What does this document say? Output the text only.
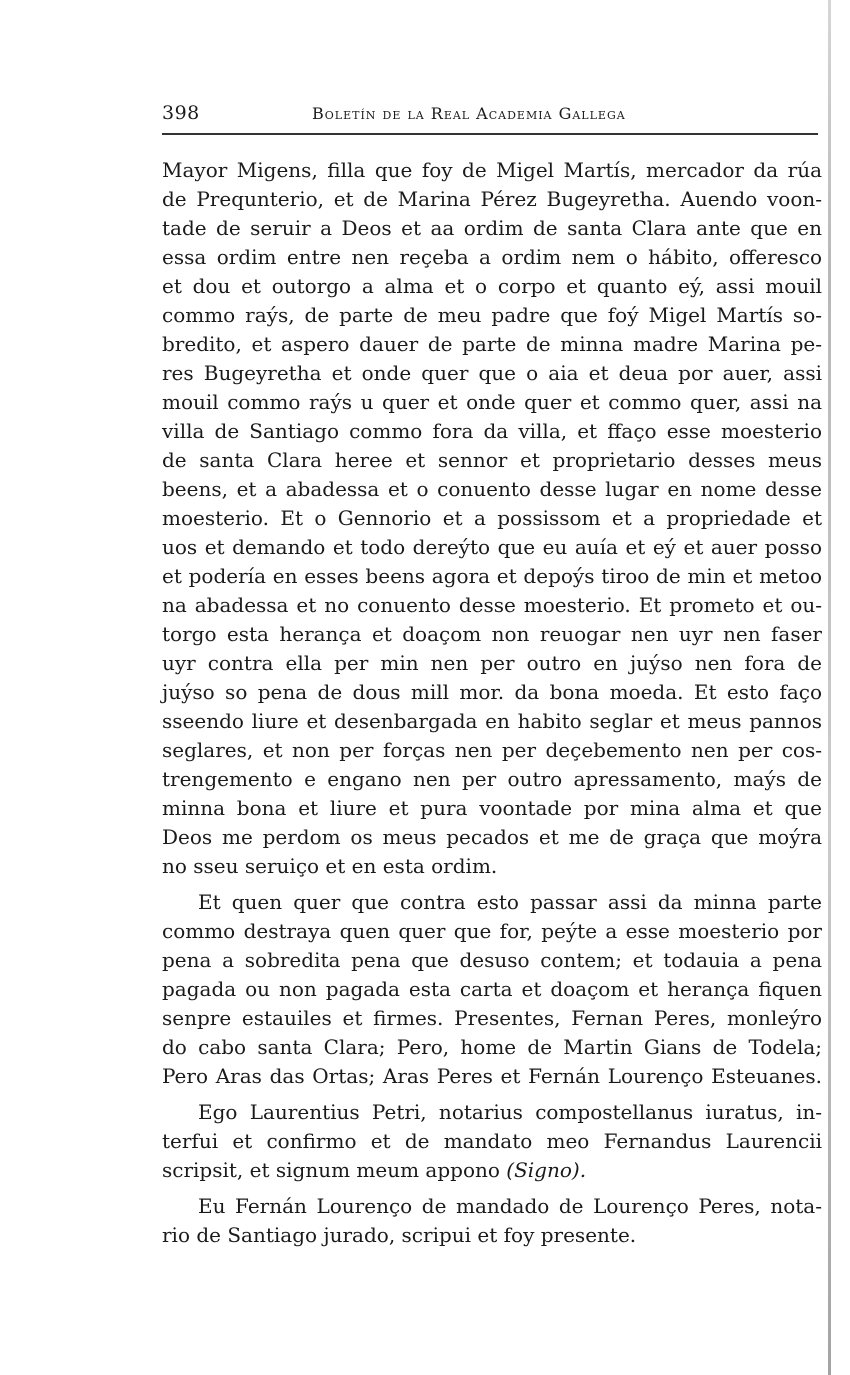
398	Boletín de la Real Academia Gallega
Mayor Migens, filla que foy de Migel Martís, mercador da rúa
de Prequnterio, et de Marina Pérez Bugeyretha. Auendo voon-
tade de seruir a Deos et aa ordim de santa Clara ante que en
essa ordim entre nen reçeba a ordim nem o hábito, offeresco
et dou et outorgo a alma et o corpo et quanto eý, assi mouil
commo raýs, de parte de meu padre que foý Migel Martís so-
bredito, et aspero dauer de parte de minna madre Marina pe-
res Bugeyretha et onde quer que o aia et deua por auer, assi
mouil commo raýs u quer et onde quer et commo quer, assi na
villa de Santiago commo fora da villa, et ffaço esse moesterio
de santa Clara heree et sennor et proprietario desses meus
beens, et a abadessa et o conuento desse lugar en nome desse
moesterio. Et o Gennorio et a possissom et a propriedade et
uos et demando et todo dereýto que eu auía et eý et auer posso
et podería en esses beens agora et depoýs tiroo de min et metoo
na abadessa et no conuento desse moesterio. Et prometo et ou-
torgo esta herança et doaçom non reuogar nen uyr nen faser
uyr contra ella per min nen per outro en juýso nen fora de
juýso so pena de dous mill mor. da bona moeda. Et esto faço
sseendo liure et desenbargada en habito seglar et meus pannos
seglares, et non per forças nen per deçebemento nen per cos-
trengemento e engano nen per outro apressamento, maýs de
minna bona et liure et pura voontade por mina alma et que
Deos me perdom os meus pecados et me de graça que moýra
no sseu seruiço et en esta ordim.
Et quen quer que contra esto passar assi da minna parte
commo destraya quen quer que for, peýte a esse moesterio por
pena a sobredita pena que desuso contem; et todauia a pena
pagada ou non pagada esta carta et doaçom et herança fiquen
senpre estauiles et firmes. Presentes, Fernan Peres, monleýro
do cabo santa Clara; Pero, home de Martin Gians de Todela;
Pero Aras das Ortas; Aras Peres et Fernán Lourenço Esteuanes.
Ego Laurentius Petri, notarius compostellanus iuratus, in-
terfui et confirmo et de mandato meo Fernandus Laurencii
scripsit, et signum meum appono (Signo).
Eu Fernán Lourenço de mandado de Lourenço Peres, nota-
rio de Santiago jurado, scripui et foy presente.
